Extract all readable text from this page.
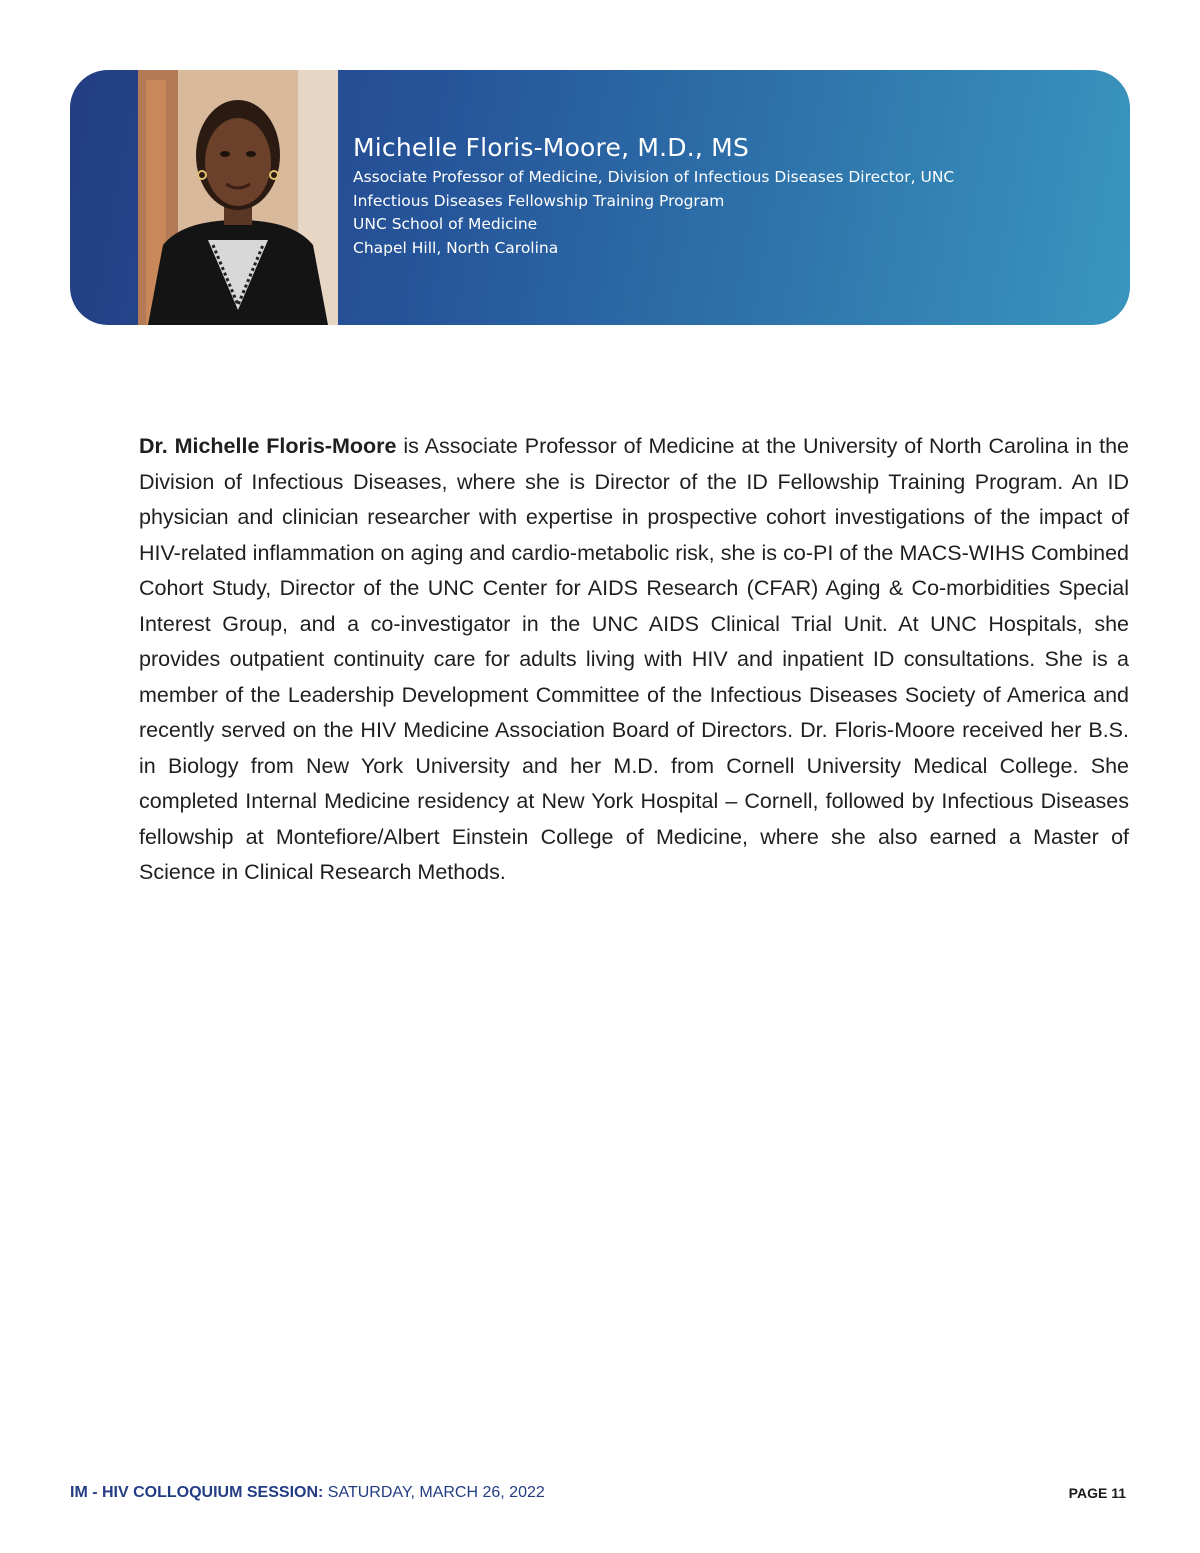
Michelle Floris-Moore, M.D., MS
Associate Professor of Medicine, Division of Infectious Diseases Director, UNC
Infectious Diseases Fellowship Training Program
UNC School of Medicine
Chapel Hill, North Carolina
Dr. Michelle Floris-Moore is Associate Professor of Medicine at the University of North Carolina in the Division of Infectious Diseases, where she is Director of the ID Fellowship Training Program. An ID physician and clinician researcher with expertise in prospective cohort investigations of the impact of HIV-related inflammation on aging and cardio-metabolic risk, she is co-PI of the MACS-WIHS Combined Cohort Study, Director of the UNC Center for AIDS Research (CFAR) Aging & Co-morbidities Special Interest Group, and a co-investigator in the UNC AIDS Clinical Trial Unit. At UNC Hospitals, she provides outpatient continuity care for adults living with HIV and inpatient ID consultations. She is a member of the Leadership Development Committee of the Infectious Diseases Society of America and recently served on the HIV Medicine Association Board of Directors. Dr. Floris-Moore received her B.S. in Biology from New York University and her M.D. from Cornell University Medical College. She completed Internal Medicine residency at New York Hospital – Cornell, followed by Infectious Diseases fellowship at Montefiore/Albert Einstein College of Medicine, where she also earned a Master of Science in Clinical Research Methods.
IM - HIV COLLOQUIUM SESSION: SATURDAY, MARCH 26, 2022	PAGE 11
